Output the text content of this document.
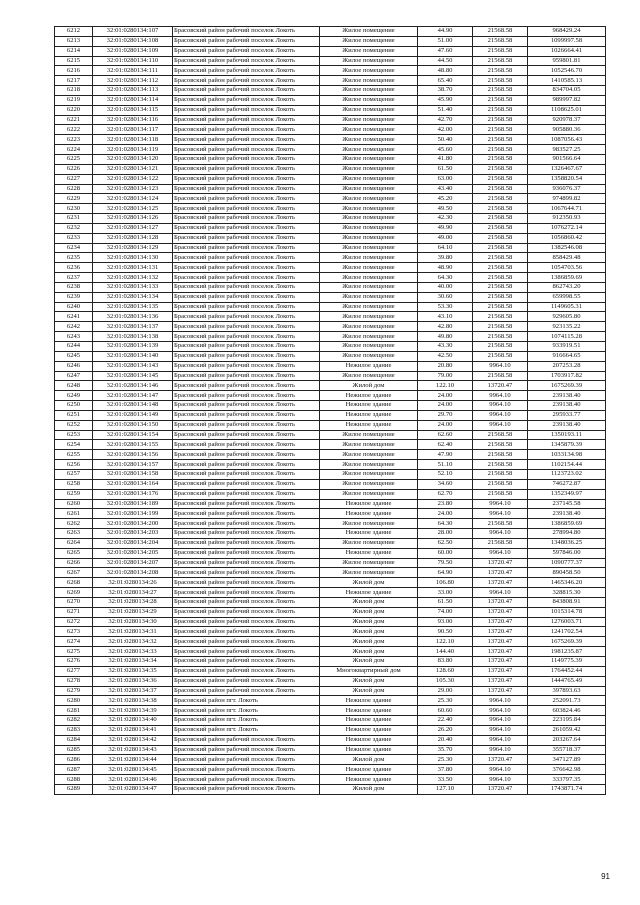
6212	32:01:0280134:107	Брасовский район рабочий поселок Локоть	Жилое помещение	44.90	21568.58	968429.24
6213	32:01:0280134:108	Брасовский район рабочий поселок Локоть	Жилое помещение	51.00	21568.58	1099997.58
6214	32:01:0280134:109	Брасовский район рабочий поселок Локоть	Жилое помещение	47.60	21568.58	1026664.41
6215	32:01:0280134:110	Брасовский район рабочий поселок Локоть	Жилое помещение	44.50	21568.58	959801.81
6216	32:01:0280134:111	Брасовский район рабочий поселок Локоть	Жилое помещение	48.80	21568.58	1052546.70
6217	32:01:0280134:112	Брасовский район рабочий поселок Локоть	Жилое помещение	65.40	21568.58	1410585.13
6218	32:01:0280134:113	Брасовский район рабочий поселок Локоть	Жилое помещение	38.70	21568.58	834704.05
6219	32:01:0280134:114	Брасовский район рабочий поселок Локоть	Жилое помещение	45.90	21568.58	989997.82
6220	32:01:0280134:115	Брасовский район рабочий поселок Локоть	Жилое помещение	51.40	21568.58	1108625.01
6221	32:01:0280134:116	Брасовский район рабочий поселок Локоть	Жилое помещение	42.70	21568.58	920978.37
6222	32:01:0280134:117	Брасовский район рабочий поселок Локоть	Жилое помещение	42.00	21568.58	905880.36
6223	32:01:0280134:118	Брасовский район рабочий поселок Локоть	Жилое помещение	50.40	21568.58	1087056.43
6224	32:01:0280134:119	Брасовский район рабочий поселок Локоть	Жилое помещение	45.60	21568.58	983527.25
6225	32:01:0280134:120	Брасовский район рабочий поселок Локоть	Жилое помещение	41.80	21568.58	901566.64
6226	32:01:0280134:121	Брасовский район рабочий поселок Локоть	Жилое помещение	61.50	21568.58	1326467.67
6227	32:01:0280134:122	Брасовский район рабочий поселок Локоть	Жилое помещение	63.00	21568.58	1358820.54
6228	32:01:0280134:123	Брасовский район рабочий поселок Локоть	Жилое помещение	43.40	21568.58	936076.37
6229	32:01:0280134:124	Брасовский район рабочий поселок Локоть	Жилое помещение	45.20	21568.58	974899.82
6230	32:01:0280134:125	Брасовский район рабочий поселок Локоть	Жилое помещение	49.50	21568.58	1067644.71
6231	32:01:0280134:126	Брасовский район рабочий поселок Локоть	Жилое помещение	42.30	21568.58	912350.93
6232	32:01:0280134:127	Брасовский район рабочий поселок Локоть	Жилое помещение	49.90	21568.58	1076272.14
6233	32:01:0280134:128	Брасовский район рабочий поселок Локоть	Жилое помещение	49.00	21568.58	1056860.42
6234	32:01:0280134:129	Брасовский район рабочий поселок Локоть	Жилое помещение	64.10	21568.58	1382546.08
6235	32:01:0280134:130	Брасовский район рабочий поселок Локоть	Жилое помещение	39.80	21568.58	858429.48
6236	32:01:0280134:131	Брасовский район рабочий поселок Локоть	Жилое помещение	48.90	21568.58	1054703.56
6237	32:01:0280134:132	Брасовский район рабочий поселок Локоть	Жилое помещение	64.30	21568.58	1386859.69
6238	32:01:0280134:133	Брасовский район рабочий поселок Локоть	Жилое помещение	40.00	21568.58	862743.20
6239	32:01:0280134:134	Брасовский район рабочий поселок Локоть	Жилое помещение	30.60	21568.58	659998.55
6240	32:01:0280134:135	Брасовский район рабочий поселок Локоть	Жилое помещение	53.30	21568.58	1149605.31
6241	32:01:0280134:136	Брасовский район рабочий поселок Локоть	Жилое помещение	43.10	21568.58	929605.80
6242	32:01:0280134:137	Брасовский район рабочий поселок Локоть	Жилое помещение	42.80	21568.58	923135.22
6243	32:01:0280134:138	Брасовский район рабочий поселок Локоть	Жилое помещение	49.80	21568.58	1074115.28
6244	32:01:0280134:139	Брасовский район рабочий поселок Локоть	Жилое помещение	43.30	21568.58	933919.51
6245	32:01:0280134:140	Брасовский район рабочий поселок Локоть	Жилое помещение	42.50	21568.58	916664.65
6246	32:01:0280134:143	Брасовский район рабочий поселок Локоть	Нежилое здание	20.80	9964.10	207253.28
6247	32:01:0280134:145	Брасовский район рабочий поселок Локоть	Жилое помещение	79.00	21568.58	1703917.82
6248	32:01:0280134:146	Брасовский район рабочий поселок Локоть	Жилой дом	122.10	13720.47	1675269.39
6249	32:01:0280134:147	Брасовский район рабочий поселок Локоть	Нежилое здание	24.00	9964.10	239138.40
6250	32:01:0280134:148	Брасовский район рабочий поселок Локоть	Нежилое здание	24.00	9964.10	239138.40
6251	32:01:0280134:149	Брасовский район рабочий поселок Локоть	Нежилое здание	29.70	9964.10	295933.77
6252	32:01:0280134:150	Брасовский район рабочий поселок Локоть	Нежилое здание	24.00	9964.10	239138.40
6253	32:01:0280134:154	Брасовский район рабочий поселок Локоть	Жилое помещение	62.60	21568.58	1350193.11
6254	32:01:0280134:155	Брасовский район рабочий поселок Локоть	Жилое помещение	62.40	21568.58	1345879.39
6255	32:01:0280134:156	Брасовский район рабочий поселок Локоть	Жилое помещение	47.90	21568.58	1033134.98
6256	32:01:0280134:157	Брасовский район рабочий поселок Локоть	Жилое помещение	51.10	21568.58	1102154.44
6257	32:01:0280134:158	Брасовский район рабочий поселок Локоть	Жилое помещение	52.10	21568.58	1123723.02
6258	32:01:0280134:164	Брасовский район рабочий поселок Локоть	Жилое помещение	34.60	21568.58	746272.87
6259	32:01:0280134:176	Брасовский район рабочий поселок Локоть	Жилое помещение	62.70	21568.58	1352349.97
6260	32:01:0280134:189	Брасовский район рабочий поселок Локоть	Нежилое здание	23.80	9964.10	237145.58
6261	32:01:0280134:199	Брасовский район рабочий поселок Локоть	Нежилое здание	24.00	9964.10	239138.40
6262	32:01:0280134:200	Брасовский район рабочий поселок Локоть	Жилое помещение	64.30	21568.58	1386859.69
6263	32:01:0280134:203	Брасовский район рабочий поселок Локоть	Нежилое здание	28.00	9964.10	278994.80
6264	32:01:0280134:204	Брасовский район рабочий поселок Локоть	Жилое помещение	62.50	21568.58	1348036.25
6265	32:01:0280134:205	Брасовский район рабочий поселок Локоть	Нежилое здание	60.00	9964.10	597846.00
6266	32:01:0280134:207	Брасовский район рабочий поселок Локоть	Жилое помещение	79.50	13720.47	1090777.37
6267	32:01:0280134:208	Брасовский район рабочий поселок Локоть	Жилое помещение	64.90	13720.47	890458.50
6268	32:01:0280134:26	Брасовский район рабочий поселок Локоть	Жилой дом	106.80	13720.47	1465346.20
6269	32:01:0280134:27	Брасовский район рабочий поселок Локоть	Нежилое здание	33.00	9964.10	328815.30
6270	32:01:0280134:28	Брасовский район рабочий поселок Локоть	Жилой дом	61.50	13720.47	843808.91
6271	32:01:0280134:29	Брасовский район рабочий поселок Локоть	Жилой дом	74.00	13720.47	1015314.78
6272	32:01:0280134:30	Брасовский район рабочий поселок Локоть	Жилой дом	93.00	13720.47	1276003.71
6273	32:01:0280134:31	Брасовский район рабочий поселок Локоть	Жилой дом	90.50	13720.47	1241702.54
6274	32:01:0280134:32	Брасовский район рабочий поселок Локоть	Жилой дом	122.10	13720.47	1675269.39
6275	32:01:0280134:33	Брасовский район рабочий поселок Локоть	Жилой дом	144.40	13720.47	1981235.87
6276	32:01:0280134:34	Брасовский район рабочий поселок Локоть	Жилой дом	83.80	13720.47	1149775.39
6277	32:01:0280134:35	Брасовский район рабочий поселок Локоть	Многоквартирный дом	128.60	13720.47	1764452.44
6278	32:01:0280134:36	Брасовский район рабочий поселок Локоть	Жилой дом	105.30	13720.47	1444765.49
6279	32:01:0280134:37	Брасовский район рабочий поселок Локоть	Жилой дом	29.00	13720.47	397893.63
6280	32:01:0280134:38	Брасовский район пгт. Локоть	Нежилое здание	25.30	9964.10	252091.73
6281	32:01:0280134:39	Брасовский район пгт. Локоть	Нежилое здание	60.60	9964.10	603824.46
6282	32:01:0280134:40	Брасовский район пгт. Локоть	Нежилое здание	22.40	9964.10	223195.84
6283	32:01:0280134:41	Брасовский район пгт. Локоть	Нежилое здание	26.20	9964.10	261059.42
6284	32:01:0280134:42	Брасовский район рабочий поселок Локоть	Нежилое здание	20.40	9964.10	203267.64
6285	32:01:0280134:43	Брасовский район рабочий поселок Локоть	Нежилое здание	35.70	9964.10	355718.37
6286	32:01:0280134:44	Брасовский район рабочий поселок Локоть	Жилой дом	25.30	13720.47	347127.89
6287	32:01:0280134:45	Брасовский район рабочий поселок Локоть	Нежилое здание	37.80	9964.10	376642.98
6288	32:01:0280134:46	Брасовский район рабочий поселок Локоть	Нежилое здание	33.50	9964.10	333797.35
6289	32:01:0280134:47	Брасовский район рабочий поселок Локоть	Жилой дом	127.10	13720.47	1743871.74
91
